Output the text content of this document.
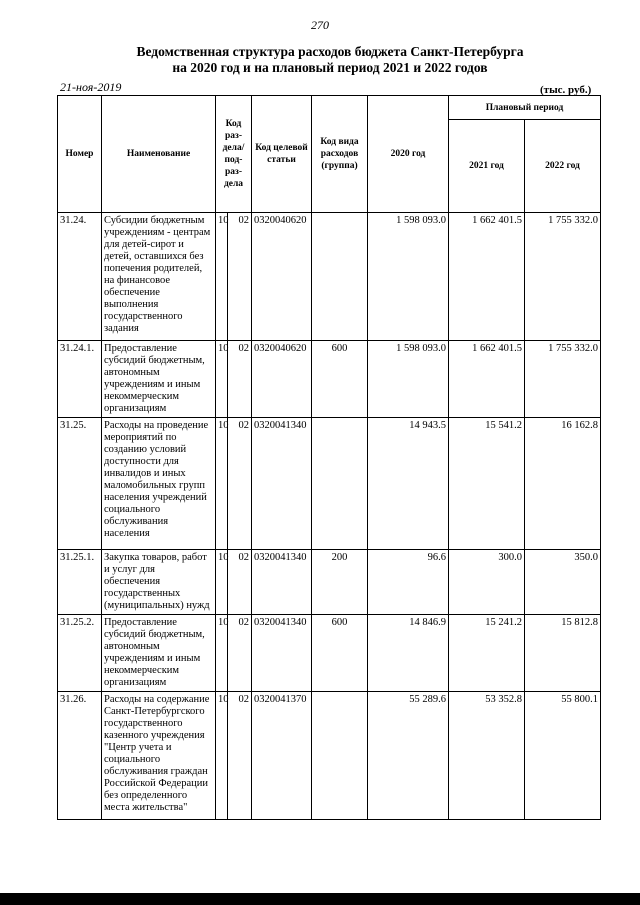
270
Ведомственная структура расходов бюджета Санкт-Петербурга
на 2020 год и на плановый период 2021 и 2022 годов
21-ноя-2019	(тыс. руб.)
Номер	Наименование	Код раз-дела/ под-раз-дела		Код целевой статьи	Код вида расходов (группа)	2020 год	Плановый период	
							2021 год	2022 год
31.24.	Субсидии бюджетным учреждениям - центрам для детей-сирот и детей, оставшихся без попечения родителей, на финансовое обеспечение выполнения государственного задания	10	02	0320040620		1 598 093.0	1 662 401.5	1 755 332.0
31.24.1.	Предоставление субсидий бюджетным, автономным учреждениям и иным некоммерческим организациям	10	02	0320040620	600	1 598 093.0	1 662 401.5	1 755 332.0
31.25.	Расходы на проведение мероприятий по созданию условий доступности для инвалидов и иных маломобильных групп населения учреждений социального обслуживания населения	10	02	0320041340		14 943.5	15 541.2	16 162.8
31.25.1.	Закупка товаров, работ и услуг для обеспечения государственных (муниципальных) нужд	10	02	0320041340	200	96.6	300.0	350.0
31.25.2.	Предоставление субсидий бюджетным, автономным учреждениям и иным некоммерческим организациям	10	02	0320041340	600	14 846.9	15 241.2	15 812.8
31.26.	Расходы на содержание Санкт-Петербургского государственного казенного учреждения "Центр учета и социального обслуживания граждан Российской Федерации без определенного места жительства"	10	02	0320041370		55 289.6	53 352.8	55 800.1
